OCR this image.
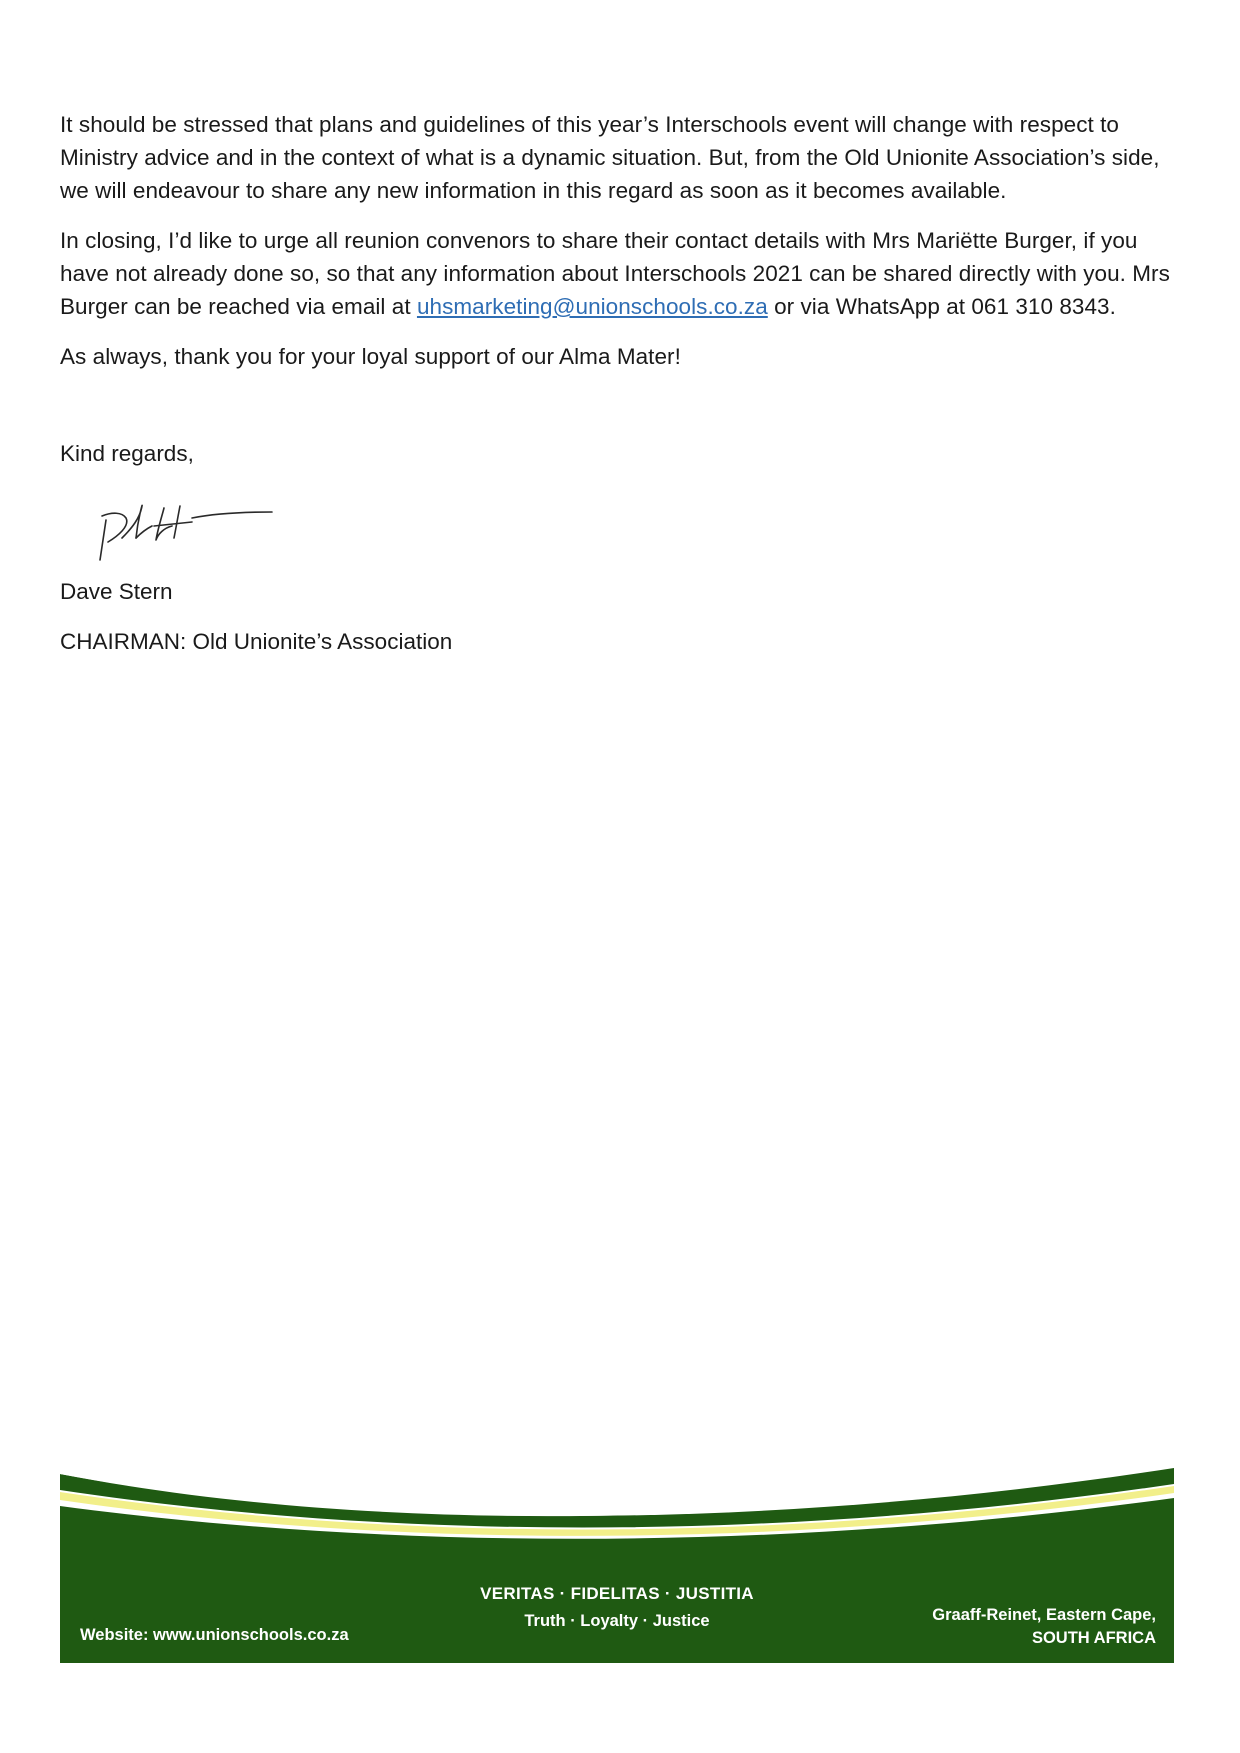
It should be stressed that plans and guidelines of this year’s Interschools event will change with respect to Ministry advice and in the context of what is a dynamic situation. But, from the Old Unionite Association’s side, we will endeavour to share any new information in this regard as soon as it becomes available.

In closing, I’d like to urge all reunion convenors to share their contact details with Mrs Mariëtte Burger, if you have not already done so, so that any information about Interschools 2021 can be shared directly with you. Mrs Burger can be reached via email at uhsmarketing@unionschools.co.za or via WhatsApp at 061 310 8343.

As always, thank you for your loyal support of our Alma Mater!

Kind regards,
Dave Stern
CHAIRMAN: Old Unionite’s Association
Website: www.unionschools.co.za
VERITAS · FIDELITAS · JUSTITIA
Truth · Loyalty · Justice	Graaff-Reinet, Eastern Cape,
SOUTH AFRICA
